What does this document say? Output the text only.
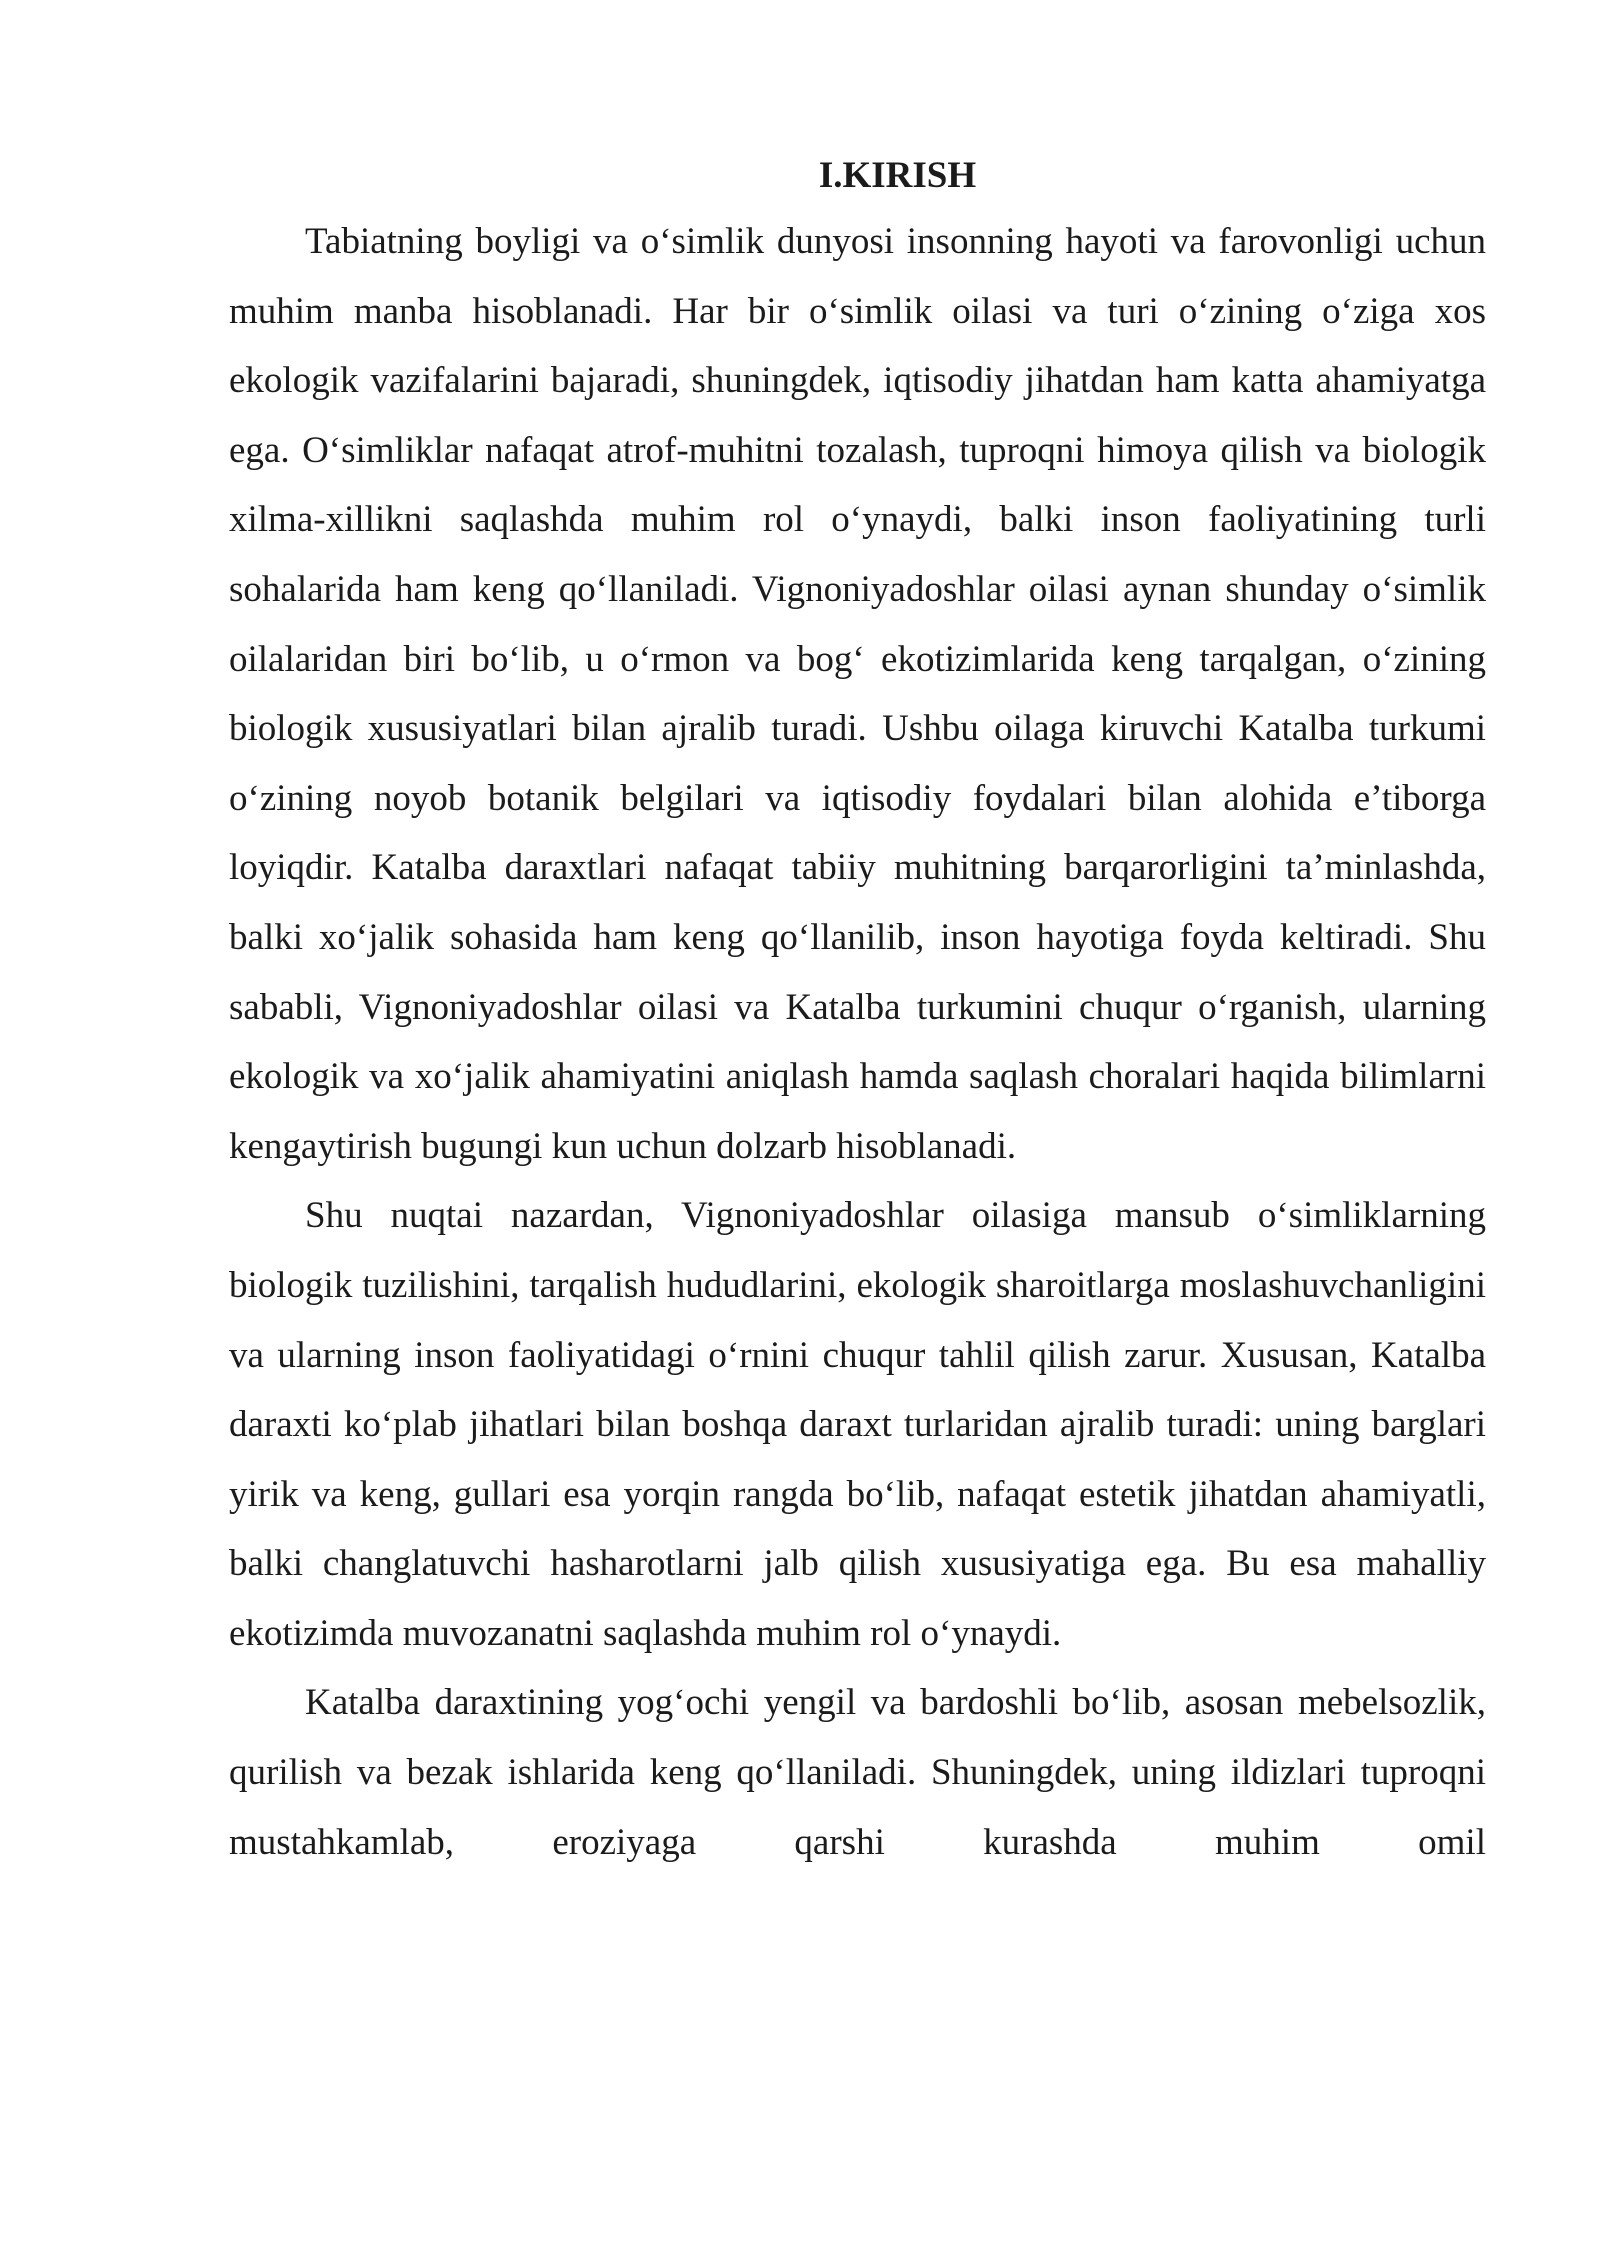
I.KIRISH

Tabiatning boyligi va o‘simlik dunyosi insonning hayoti va farovonligi uchun muhim manba hisoblanadi. Har bir o‘simlik oilasi va turi o‘zining o‘ziga xos ekologik vazifalarini bajaradi, shuningdek, iqtisodiy jihatdan ham katta ahamiyatga ega. O‘simliklar nafaqat atrof-muhitni tozalash, tuproqni himoya qilish va biologik xilma-xillikni saqlashda muhim rol o‘ynaydi, balki inson faoliyatining turli sohalarida ham keng qo‘llaniladi. Vignoniyadoshlar oilasi aynan shunday o‘simlik oilalaridan biri bo‘lib, u o‘rmon va bog‘ ekotizimlarida keng tarqalgan, o‘zining biologik xususiyatlari bilan ajralib turadi. Ushbu oilaga kiruvchi Katalba turkumi o‘zining noyob botanik belgilari va iqtisodiy foydalari bilan alohida e’tiborga loyiqdir. Katalba daraxtlari nafaqat tabiiy muhitning barqarorligini ta’minlashda, balki xo‘jalik sohasida ham keng qo‘llanilib, inson hayotiga foyda keltiradi. Shu sababli, Vignoniyadoshlar oilasi va Katalba turkumini chuqur o‘rganish, ularning ekologik va xo‘jalik ahamiyatini aniqlash hamda saqlash choralari haqida bilimlarni kengaytirish bugungi kun uchun dolzarb hisoblanadi.

Shu nuqtai nazardan, Vignoniyadoshlar oilasiga mansub o‘simliklarning biologik tuzilishini, tarqalish hududlarini, ekologik sharoitlarga moslashuvchanligini va ularning inson faoliyatidagi o‘rnini chuqur tahlil qilish zarur. Xususan, Katalba daraxti ko‘plab jihatlari bilan boshqa daraxt turlaridan ajralib turadi: uning barglari yirik va keng, gullari esa yorqin rangda bo‘lib, nafaqat estetik jihatdan ahamiyatli, balki changlatuvchi hasharotlarni jalb qilish xususiyatiga ega. Bu esa mahalliy ekotizimda muvozanatni saqlashda muhim rol o‘ynaydi.

Katalba daraxtining yog‘ochi yengil va bardoshli bo‘lib, asosan mebelsozlik, qurilish va bezak ishlarida keng qo‘llaniladi. Shuningdek, uning ildizlari tuproqni mustahkamlab, eroziyaga qarshi kurashda muhim omil
